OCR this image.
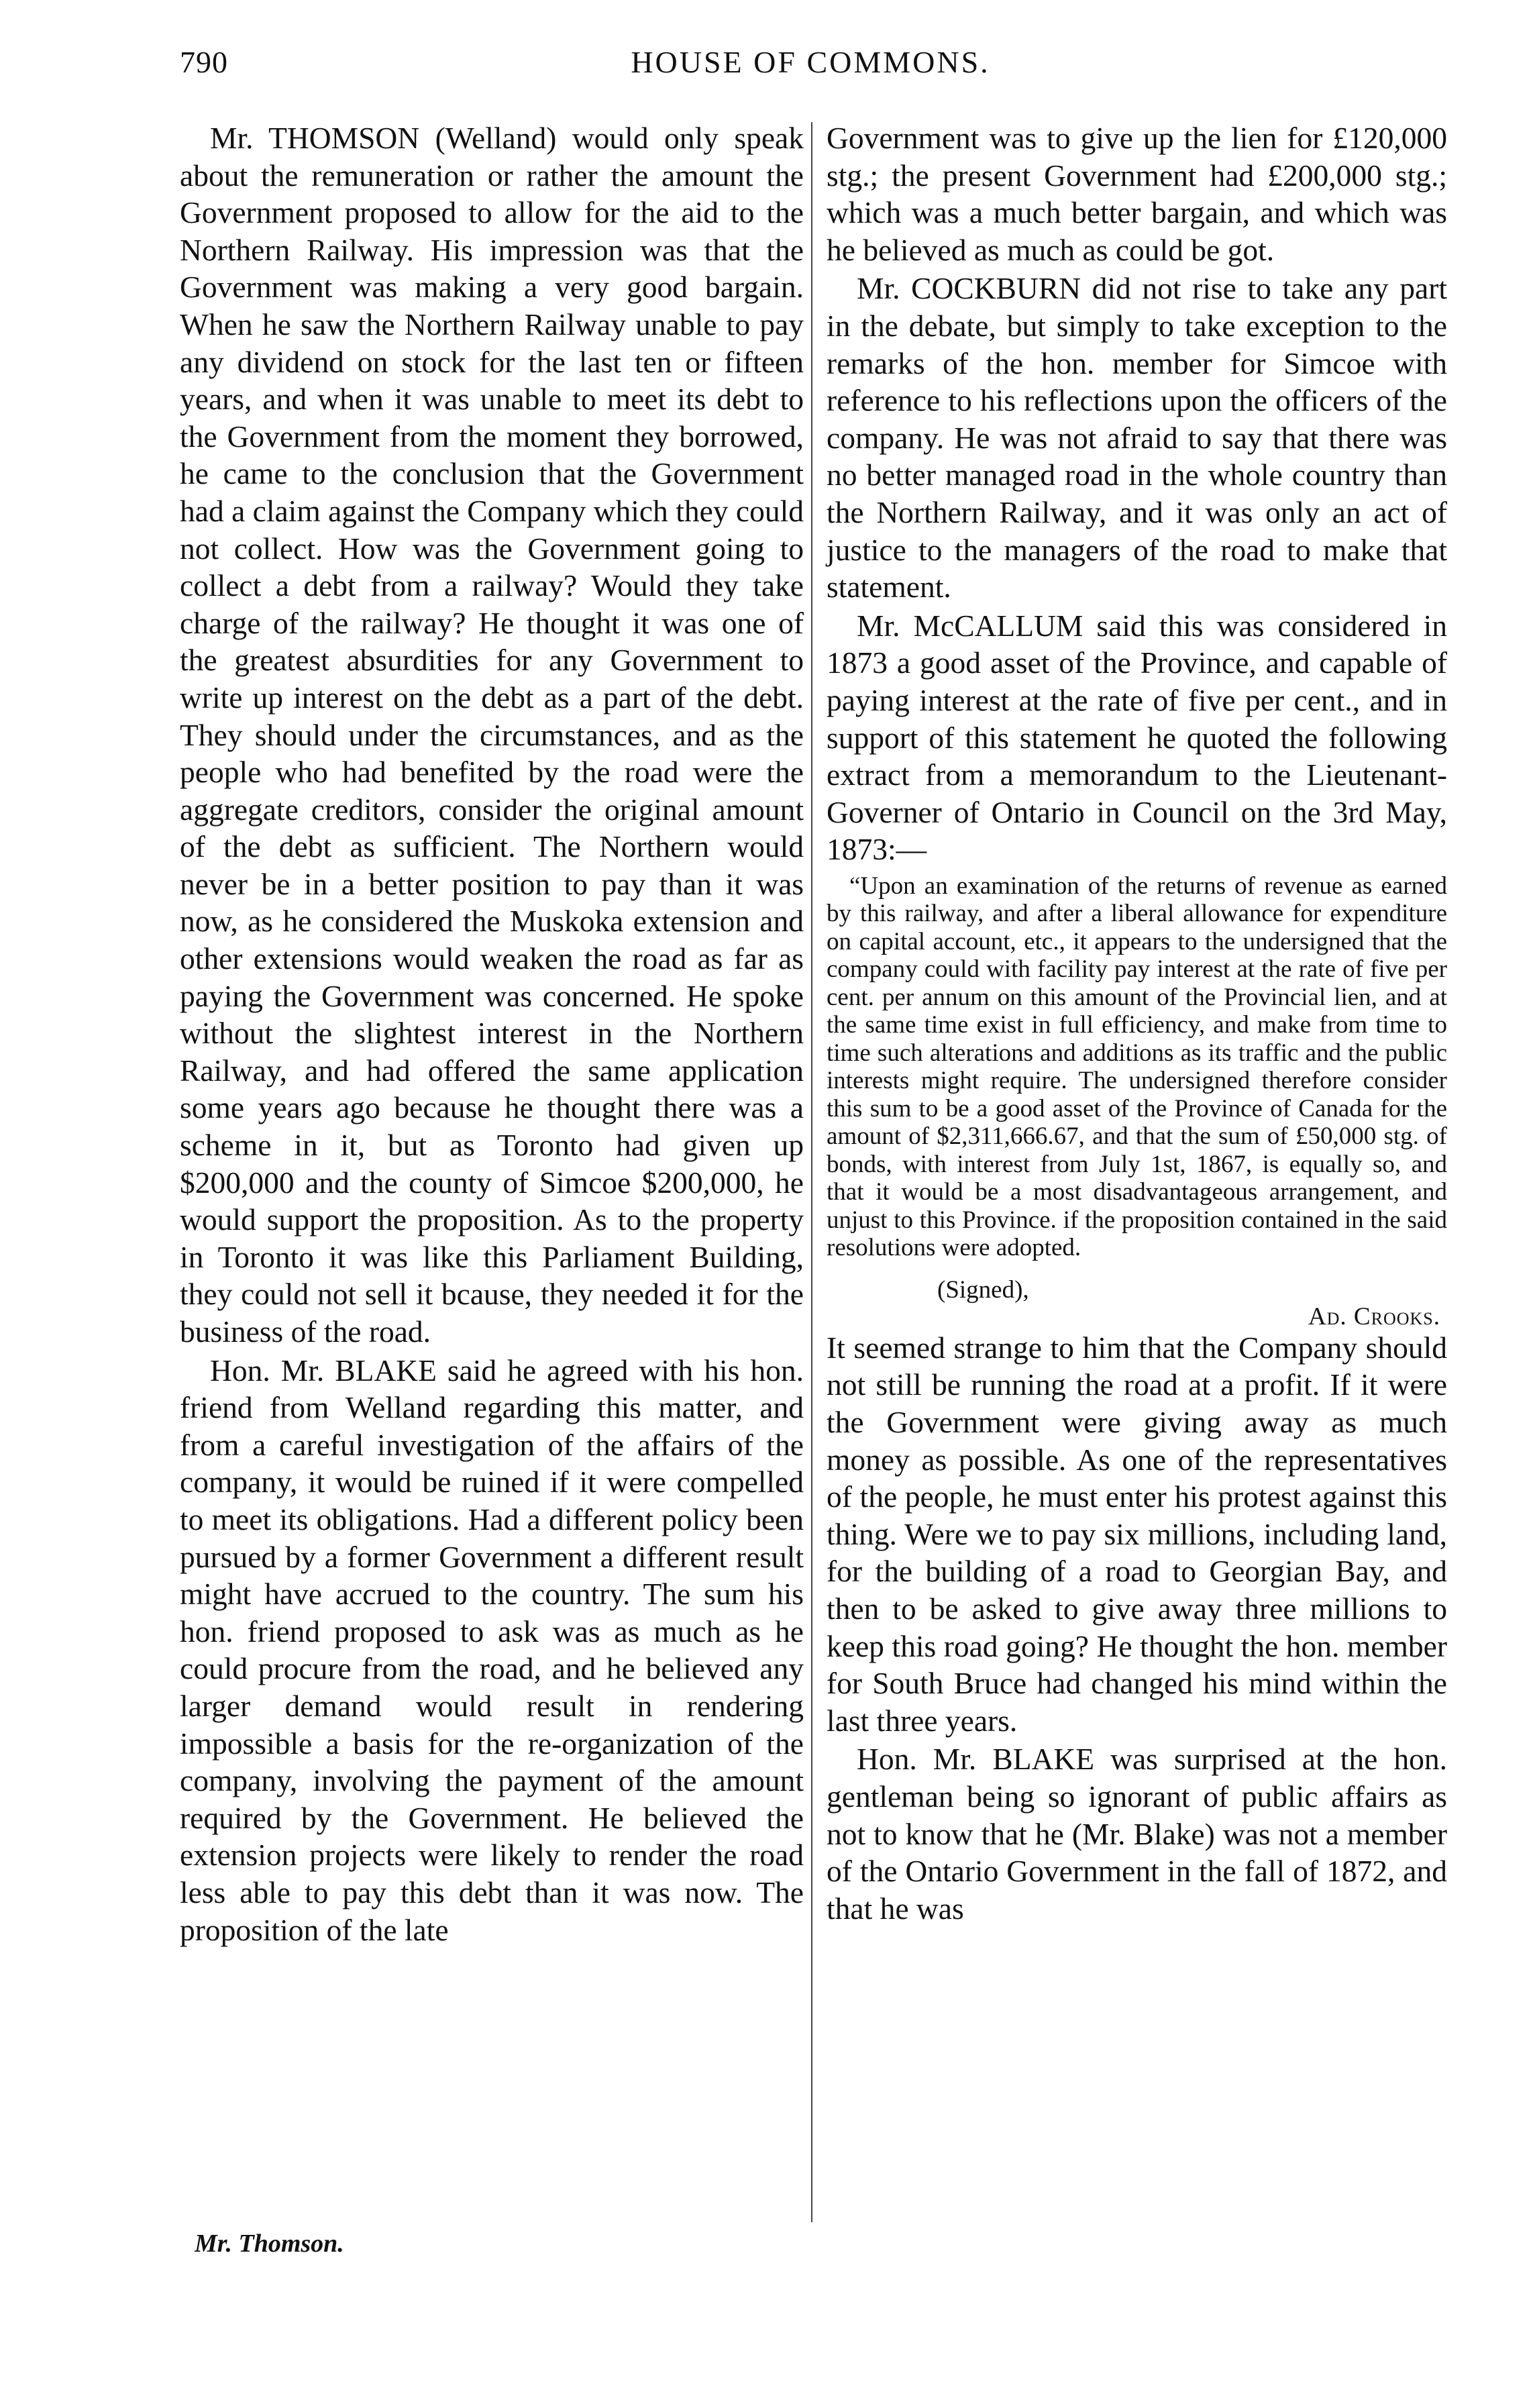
790	HOUSE OF COMMONS.

Mr. THOMSON (Welland) would only speak about the remuneration or rather the amount the Government proposed to allow for the aid to the Northern Railway. His impression was that the Government was making a very good bargain. When he saw the Northern Railway unable to pay any dividend on stock for the last ten or fifteen years, and when it was unable to meet its debt to the Government from the moment they borrowed, he came to the conclusion that the Government had a claim against the Company which they could not collect. How was the Government going to collect a debt from a railway? Would they take charge of the railway? He thought it was one of the greatest absurdities for any Government to write up interest on the debt as a part of the debt. They should under the circumstances, and as the people who had benefited by the road were the aggregate creditors, consider the original amount of the debt as sufficient. The Northern would never be in a better position to pay than it was now, as he considered the Muskoka extension and other extensions would weaken the road as far as paying the Government was concerned. He spoke without the slightest interest in the Northern Railway, and had offered the same application some years ago because he thought there was a scheme in it, but as Toronto had given up $200,000 and the county of Simcoe $200,000, he would support the proposition. As to the property in Toronto it was like this Parliament Building, they could not sell it bcause, they needed it for the business of the road.

Hon. Mr. BLAKE said he agreed with his hon. friend from Welland regarding this matter, and from a careful investigation of the affairs of the company, it would be ruined if it were compelled to meet its obligations. Had a different policy been pursued by a former Government a different result might have accrued to the country. The sum his hon. friend proposed to ask was as much as he could procure from the road, and he believed any larger demand would result in rendering impossible a basis for the re-organization of the company, involving the payment of the amount required by the Government. He believed the extension projects were likely to render the road less able to pay this debt than it was now. The proposition of the late

Government was to give up the lien for £120,000 stg.; the present Government had £200,000 stg.; which was a much better bargain, and which was he believed as much as could be got.

Mr. COCKBURN did not rise to take any part in the debate, but simply to take exception to the remarks of the hon. member for Simcoe with reference to his reflections upon the officers of the company. He was not afraid to say that there was no better managed road in the whole country than the Northern Railway, and it was only an act of justice to the managers of the road to make that statement.

Mr. McCALLUM said this was considered in 1873 a good asset of the Province, and capable of paying interest at the rate of five per cent., and in support of this statement he quoted the following extract from a memorandum to the Lieutenant-Governer of Ontario in Council on the 3rd May, 1873:—

“Upon an examination of the returns of revenue as earned by this railway, and after a liberal allowance for expenditure on capital account, etc., it appears to the undersigned that the company could with facility pay interest at the rate of five per cent. per annum on this amount of the Provincial lien, and at the same time exist in full efficiency, and make from time to time such alterations and additions as its traffic and the public interests might require. The undersigned therefore consider this sum to be a good asset of the Province of Canada for the amount of $2,311,666.67, and that the sum of £50,000 stg. of bonds, with interest from July 1st, 1867, is equally so, and that it would be a most disadvantageous arrangement, and unjust to this Province. if the proposition contained in the said resolutions were adopted.

(Signed),
Ad. Crooks.

It seemed strange to him that the Company should not still be running the road at a profit. If it were the Government were giving away as much money as possible. As one of the representatives of the people, he must enter his protest against this thing. Were we to pay six millions, including land, for the building of a road to Georgian Bay, and then to be asked to give away three millions to keep this road going? He thought the hon. member for South Bruce had changed his mind within the last three years.

Hon. Mr. BLAKE was surprised at the hon. gentleman being so ignorant of public affairs as not to know that he (Mr. Blake) was not a member of the Ontario Government in the fall of 1872, and that he was

Mr. Thomson.
